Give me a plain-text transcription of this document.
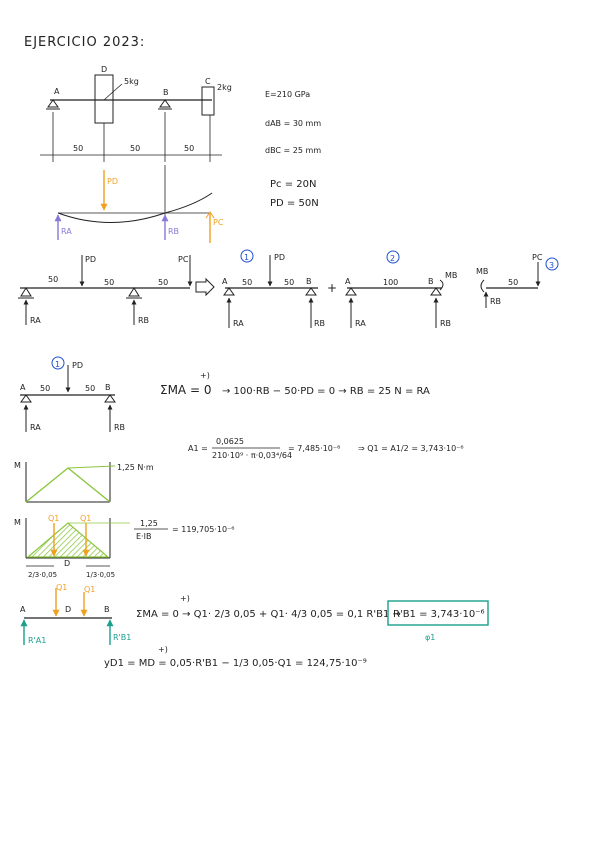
EJERCICIO 2023:
A
D
5kg
B
C
2kg
50	50	50
E=210 GPa
dAB = 30 mm
dBC = 25 mm
Pc = 20N
PD = 50N
PD
RA	RB
PC
PD	PC
50	50	50
RA	RB
1
A	B
PD
50	50
RA	RB
+
2
A	B
MB
100
RA	RB
3
MB
PC
50
RB
1 PD
A	B
50	50
RA	RB
ΣMA = 0
+)
→ 100·RB − 50·PD = 0 → RB = 25 N = RA
A1 =
0,0625
210·10⁹ · π·0,03⁴/64
= 7,485·10⁻⁶ ⇒ Q1 = A1/2 = 3,743·10⁻⁶
M	1,25 N·m
M	Q1	Q1
1,25
E·IB
= 119,705·10⁻⁶
D
2/3·0,05	1/3·0,05
A	D	B
Q1 Q1
R'A1	R'B1
+)
ΣMA = 0 → Q1· 2/3 0,05 + Q1· 4/3 0,05 = 0,1 R'B1 →
R'B1 = 3,743·10⁻⁶
φ1
+)
yD1 = MD = 0,05·R'B1 − 1/3 0,05·Q1 = 124,75·10⁻⁹
